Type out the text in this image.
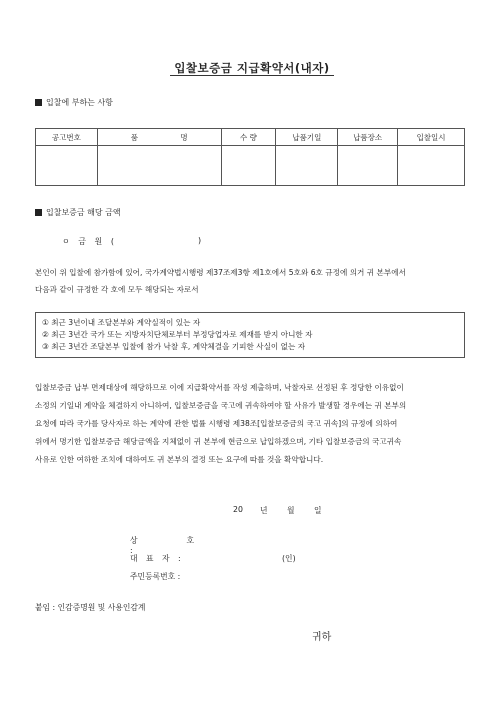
입찰보증금 지급확약서(내자)
입찰에 부하는 사항
공고번호	품 명	수 량	납품기일	납품장소	입찰일시

입찰보증금 해당 금액
ㅇ 금 원 (	)
본인이 위 입찰에 참가함에 있어, 국가계약법시행령 제37조제3항 제1호에서 5호와 6호 규정에 의거 귀 본부에서
다음과 같이 규정한 각 호에 모두 해당되는 자로서
① 최근 3년이내 조달본부와 계약실적이 있는 자
② 최근 3년간 국가 또는 지방자치단체로부터 부정당업자로 제재를 받지 아니한 자
③ 최근 3년간 조달본부 입찰에 참가 낙찰 후, 계약체결을 기피한 사실이 없는 자
입찰보증금 납부 면제대상에 해당하므로 이에 지급확약서를 작성 제출하며, 낙찰자로 선정된 후 정당한 이유없이
소정의 기일내 계약을 체결하지 아니하여, 입찰보증금을 국고에 귀속하여야 할 사유가 발생할 경우에는 귀 본부의
요청에 따라 국가를 당사자로 하는 계약에 관한 법률 시행령 제38조[입찰보증금의 국고 귀속]의 규정에 의하여
위에서 명기한 입찰보증금 해당금액을 지체없이 귀 본부에 현금으로 납입하겠으며, 기타 입찰보증금의 국고귀속
사유로 인한 여하한 조치에 대하여도 귀 본부의 결정 또는 요구에 따를 것을 확약합니다.
20 년 월 일
상 호 :
대 표 자 :	(인)
주민등록번호 :
붙임 : 인감증명원 및 사용인감계
귀하
